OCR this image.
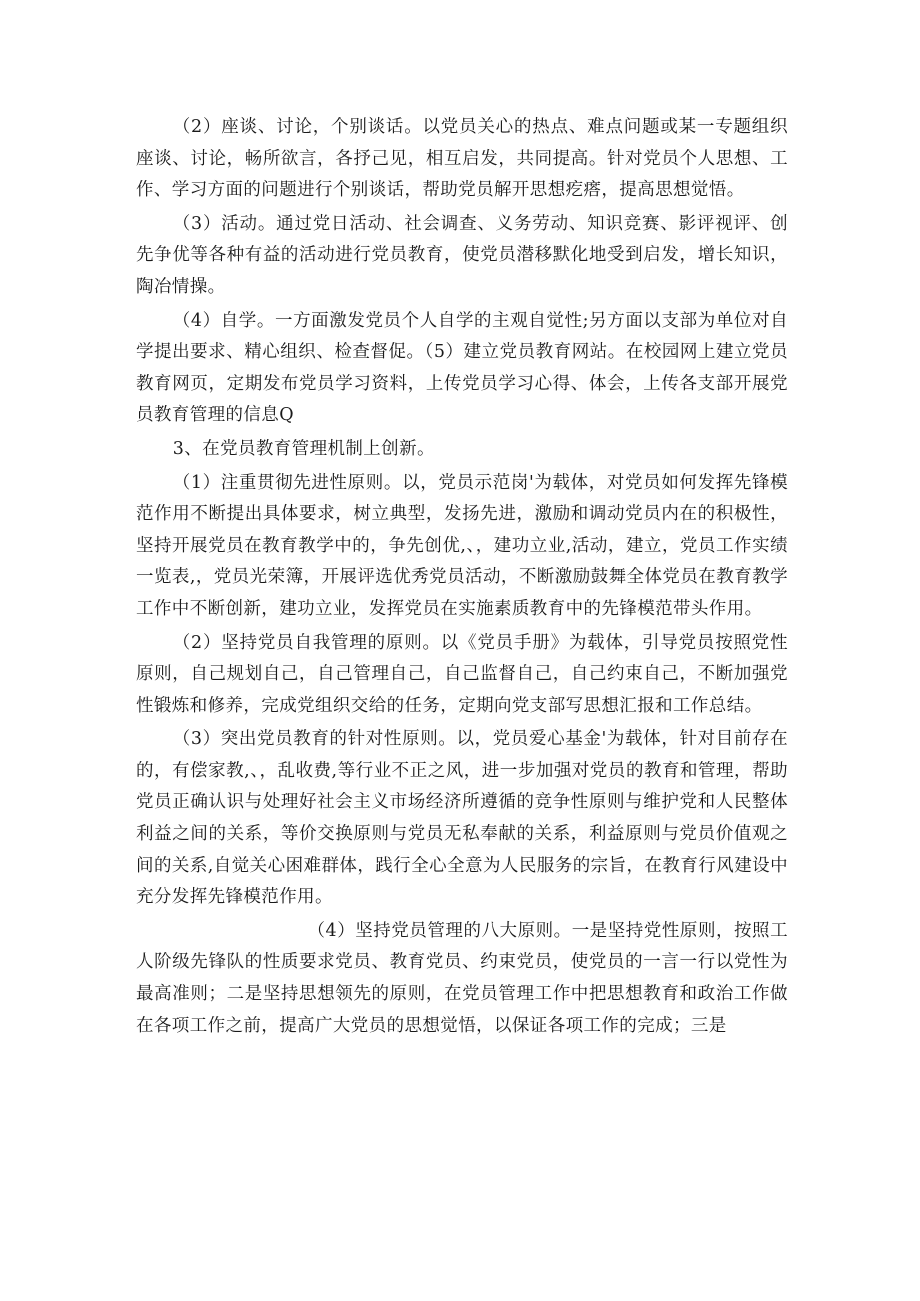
（2）座谈、讨论，个别谈话。以党员关心的热点、难点问题或某一专题组织座谈、讨论，畅所欲言，各抒己见，相互启发，共同提高。针对党员个人思想、工作、学习方面的问题进行个别谈话，帮助党员解开思想疙瘩，提高思想觉悟。

（3）活动。通过党日活动、社会调查、义务劳动、知识竞赛、影评视评、创先争优等各种有益的活动进行党员教育，使党员潜移默化地受到启发，增长知识，陶冶情操。

（4）自学。一方面激发党员个人自学的主观自觉性;另方面以支部为单位对自学提出要求、精心组织、检查督促。（5）建立党员教育网站。在校园网上建立党员教育网页，定期发布党员学习资料，上传党员学习心得、体会，上传各支部开展党员教育管理的信息Q

3、在党员教育管理机制上创新。

（1）注重贯彻先进性原则。以，党员示范岗'为载体，对党员如何发挥先锋模范作用不断提出具体要求，树立典型，发扬先进，激励和调动党员内在的积极性，坚持开展党员在教育教学中的，争先创优,、，建功立业,活动，建立，党员工作实绩一览表,，党员光荣簿，开展评选优秀党员活动，不断激励鼓舞全体党员在教育教学工作中不断创新，建功立业，发挥党员在实施素质教育中的先锋模范带头作用。

（2）坚持党员自我管理的原则。以《党员手册》为载体，引导党员按照党性原则，自己规划自己，自己管理自己，自己监督自己，自己约束自己，不断加强党性锻炼和修养，完成党组织交给的任务，定期向党支部写思想汇报和工作总结。

（3）突出党员教育的针对性原则。以，党员爱心基金'为载体，针对目前存在的，有偿家教,、，乱收费,等行业不正之风，进一步加强对党员的教育和管理，帮助党员正确认识与处理好社会主义市场经济所遵循的竞争性原则与维护党和人民整体利益之间的关系，等价交换原则与党员无私奉献的关系，利益原则与党员价值观之间的关系,自觉关心困难群体，践行全心全意为人民服务的宗旨，在教育行风建设中充分发挥先锋模范作用。

（4）坚持党员管理的八大原则。一是坚持党性原则，按照工人阶级先锋队的性质要求党员、教育党员、约束党员，使党员的一言一行以党性为最高准则；二是坚持思想领先的原则，在党员管理工作中把思想教育和政治工作做在各项工作之前，提高广大党员的思想觉悟，以保证各项工作的完成；三是
